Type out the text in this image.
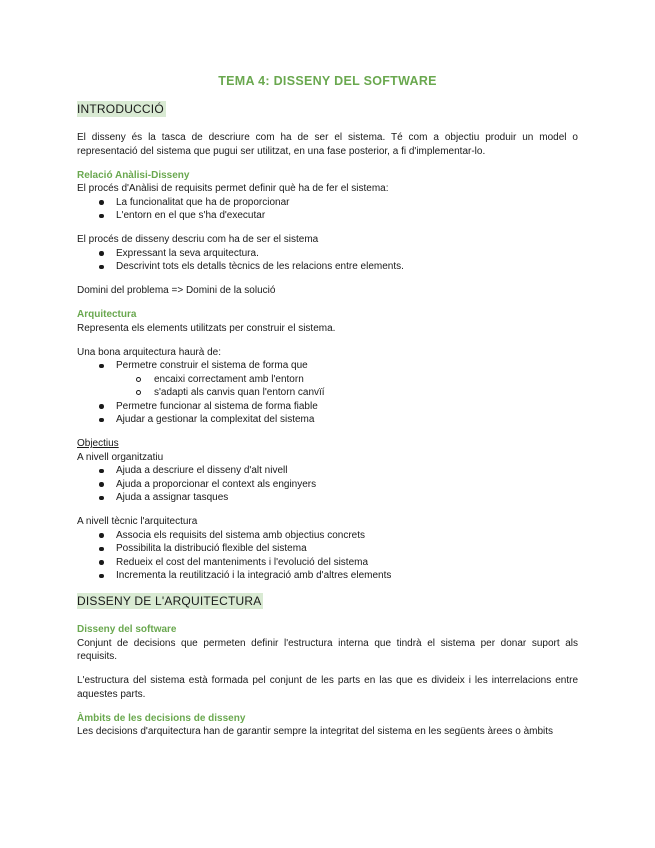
TEMA 4: DISSENY DEL SOFTWARE
INTRODUCCIÓ

El disseny és la tasca de descriure com ha de ser el sistema. Té com a objectiu produir un model o representació del sistema que pugui ser utilitzat, en una fase posterior, a fi d'implementar-lo.

Relació Anàlisi-Disseny

El procés d'Anàlisi de requisits permet definir què ha de fer el sistema:

La funcionalitat que ha de proporcionar
L'entorn en el que s'ha d'executar

El procés de disseny descriu com ha de ser el sistema

Expressant la seva arquitectura.
Descrivint tots els detalls tècnics de les relacions entre elements.

Domini del problema => Domini de la solució

Arquitectura

Representa els elements utilitzats per construir el sistema.

Una bona arquitectura haurà de:

Permetre construir el sistema de forma que
encaixi correctament amb l'entorn
s'adapti als canvis quan l'entorn canvïí
Permetre funcionar al sistema de forma fiable
Ajudar a gestionar la complexitat del sistema

Objectius

A nivell organitzatiu

Ajuda a descriure el disseny d'alt nivell
Ajuda a proporcionar el context als enginyers
Ajuda a assignar tasques

A nivell tècnic l'arquitectura

Associa els requisits del sistema amb objectius concrets
Possibilita la distribució flexible del sistema
Redueix el cost del manteniments i l'evolució del sistema
Incrementa la reutilització i la integració amb d'altres elements
DISSENY DE L'ARQUITECTURA

Disseny del software

Conjunt de decisions que permeten definir l'estructura interna que tindrà el sistema per donar suport als requisits.

L'estructura del sistema està formada pel conjunt de les parts en las que es divideix i les interrelacions entre aquestes parts.

Àmbits de les decisions de disseny

Les decisions d'arquitectura han de garantir sempre la integritat del sistema en les següents àrees o àmbits
